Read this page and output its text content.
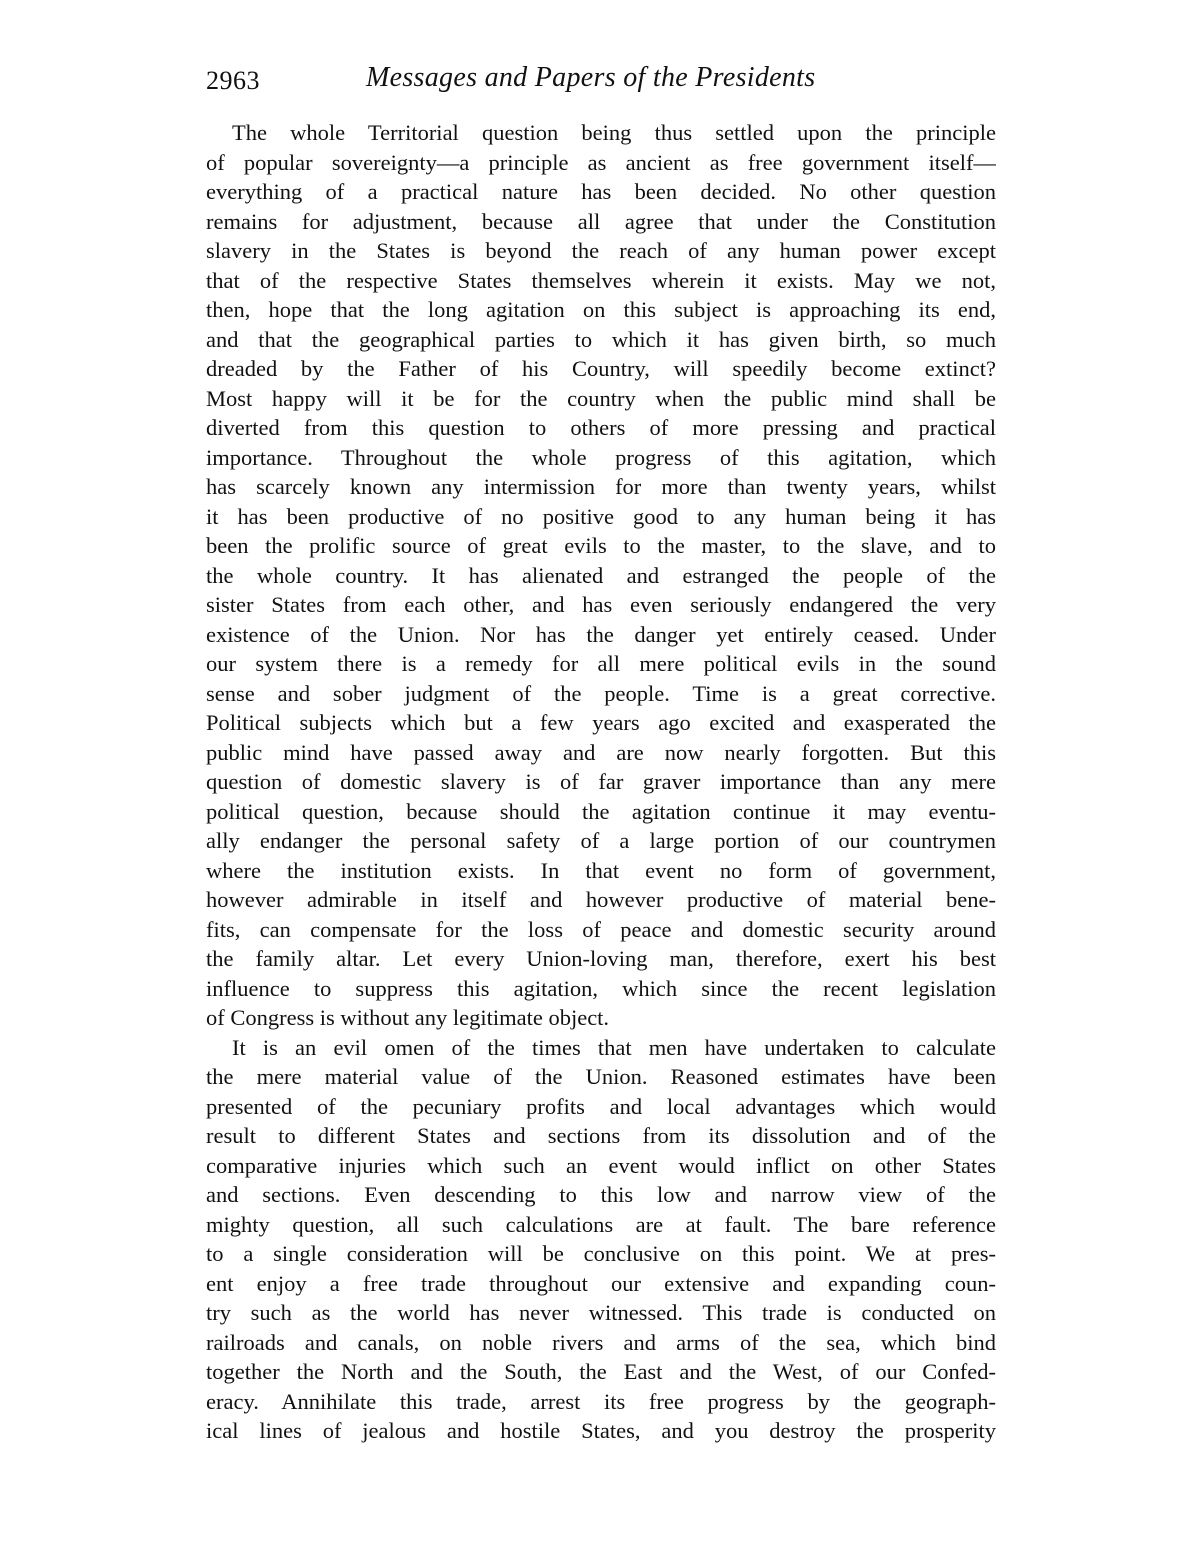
2963	Messages and Papers of the Presidents
The whole Territorial question being thus settled upon the principle
of popular sovereignty—a principle as ancient as free government itself—
everything of a practical nature has been decided. No other question
remains for adjustment, because all agree that under the Constitution
slavery in the States is beyond the reach of any human power except
that of the respective States themselves wherein it exists. May we not,
then, hope that the long agitation on this subject is approaching its end,
and that the geographical parties to which it has given birth, so much
dreaded by the Father of his Country, will speedily become extinct?
Most happy will it be for the country when the public mind shall be
diverted from this question to others of more pressing and practical
importance. Throughout the whole progress of this agitation, which
has scarcely known any intermission for more than twenty years, whilst
it has been productive of no positive good to any human being it has
been the prolific source of great evils to the master, to the slave, and to
the whole country. It has alienated and estranged the people of the
sister States from each other, and has even seriously endangered the very
existence of the Union. Nor has the danger yet entirely ceased. Under
our system there is a remedy for all mere political evils in the sound
sense and sober judgment of the people. Time is a great corrective.
Political subjects which but a few years ago excited and exasperated the
public mind have passed away and are now nearly forgotten. But this
question of domestic slavery is of far graver importance than any mere
political question, because should the agitation continue it may eventu-
ally endanger the personal safety of a large portion of our countrymen
where the institution exists. In that event no form of government,
however admirable in itself and however productive of material bene-
fits, can compensate for the loss of peace and domestic security around
the family altar. Let every Union-loving man, therefore, exert his best
influence to suppress this agitation, which since the recent legislation
of Congress is without any legitimate object.
It is an evil omen of the times that men have undertaken to calculate
the mere material value of the Union. Reasoned estimates have been
presented of the pecuniary profits and local advantages which would
result to different States and sections from its dissolution and of the
comparative injuries which such an event would inflict on other States
and sections. Even descending to this low and narrow view of the
mighty question, all such calculations are at fault. The bare reference
to a single consideration will be conclusive on this point. We at pres-
ent enjoy a free trade throughout our extensive and expanding coun-
try such as the world has never witnessed. This trade is conducted on
railroads and canals, on noble rivers and arms of the sea, which bind
together the North and the South, the East and the West, of our Confed-
eracy. Annihilate this trade, arrest its free progress by the geograph-
ical lines of jealous and hostile States, and you destroy the prosperity
